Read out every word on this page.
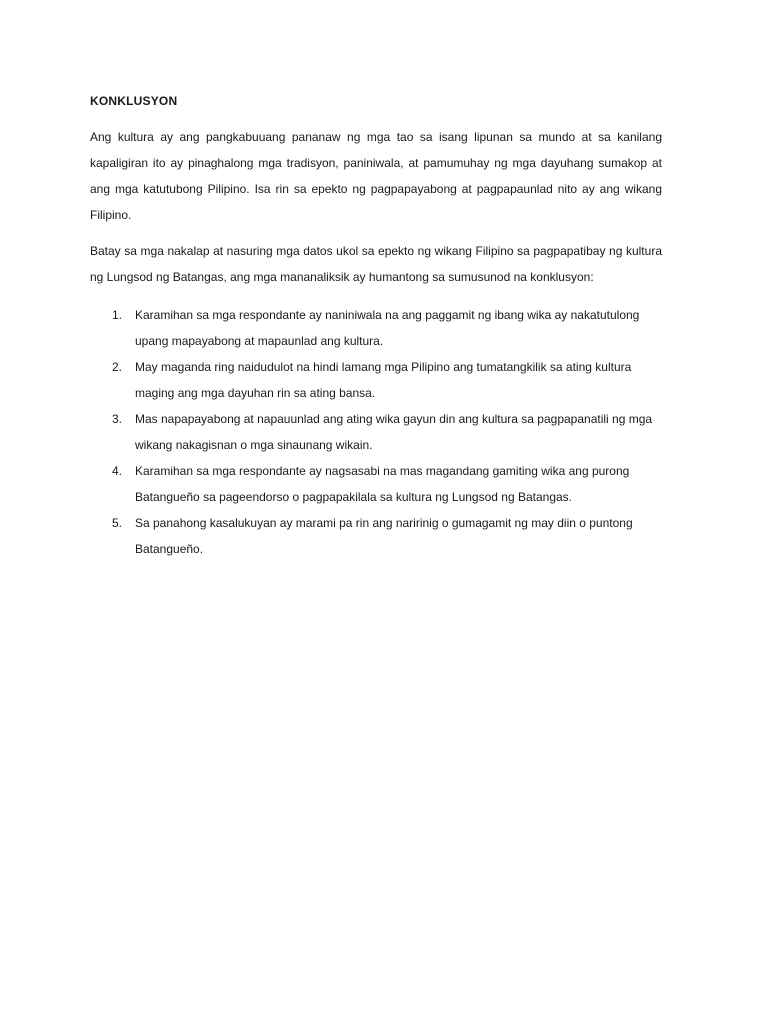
KONKLUSYON

Ang kultura ay ang pangkabuuang pananaw ng mga tao sa isang lipunan sa mundo at sa kanilang kapaligiran ito ay pinaghalong mga tradisyon, paniniwala, at pamumuhay ng mga dayuhang sumakop at ang mga katutubong Pilipino. Isa rin sa epekto ng pagpapayabong at pagpapaunlad nito ay ang wikang Filipino.

Batay sa mga nakalap at nasuring mga datos ukol sa epekto ng wikang Filipino sa pagpapatibay ng kultura ng Lungsod ng Batangas, ang mga mananaliksik ay humantong sa sumusunod na konklusyon:

1. Karamihan sa mga respondante ay naniniwala na ang paggamit ng ibang wika ay nakatutulong upang mapayabong at mapaunlad ang kultura.
2. May maganda ring naidudulot na hindi lamang mga Pilipino ang tumatangkilik sa ating kultura maging ang mga dayuhan rin sa ating bansa.
3. Mas napapayabong at napauunlad ang ating wika gayun din ang kultura sa pagpapanatili ng mga wikang nakagisnan o mga sinaunang wikain.
4. Karamihan sa mga respondante ay nagsasabi na mas magandang gamiting wika ang purong Batangueño sa pageendorso o pagpapakilala sa kultura ng Lungsod ng Batangas.
5. Sa panahong kasalukuyan ay marami pa rin ang naririnig o gumagamit ng may diin o puntong Batangueño.
